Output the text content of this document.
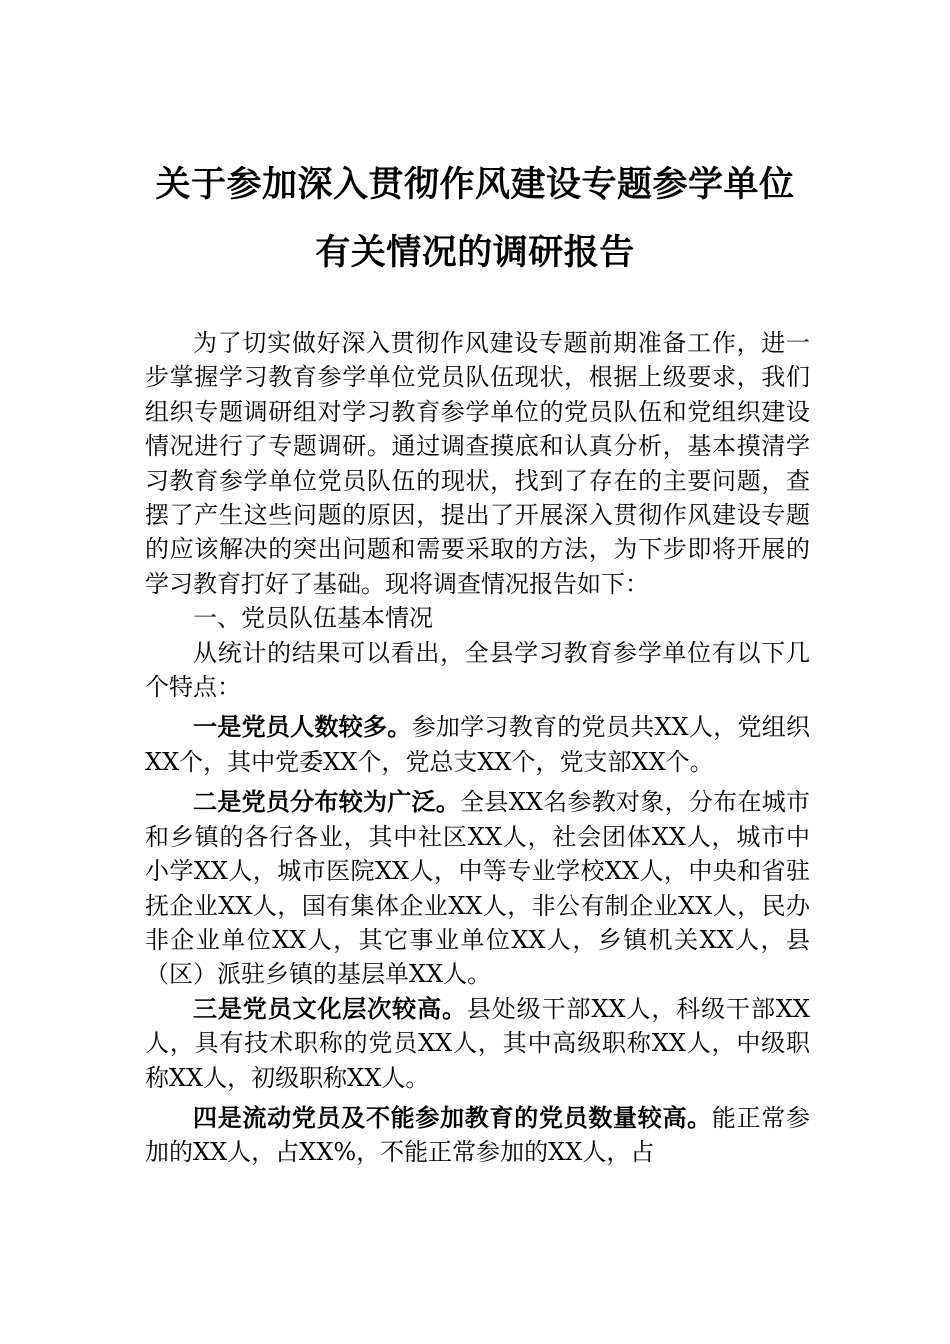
关于参加深入贯彻作风建设专题参学单位
有关情况的调研报告

为了切实做好深入贯彻作风建设专题前期准备工作，进一步掌握学习教育参学单位党员队伍现状，根据上级要求，我们组织专题调研组对学习教育参学单位的党员队伍和党组织建设情况进行了专题调研。通过调查摸底和认真分析，基本摸清学习教育参学单位党员队伍的现状，找到了存在的主要问题，查摆了产生这些问题的原因，提出了开展深入贯彻作风建设专题的应该解决的突出问题和需要采取的方法，为下步即将开展的学习教育打好了基础。现将调查情况报告如下：

一、党员队伍基本情况

从统计的结果可以看出，全县学习教育参学单位有以下几个特点：

一是党员人数较多。参加学习教育的党员共XX人，党组织XX个，其中党委XX个，党总支XX个，党支部XX个。

二是党员分布较为广泛。全县XX名参教对象，分布在城市和乡镇的各行各业，其中社区XX人，社会团体XX人，城市中小学XX人，城市医院XX人，中等专业学校XX人，中央和省驻抚企业XX人，国有集体企业XX人，非公有制企业XX人，民办非企业单位XX人，其它事业单位XX人，乡镇机关XX人，县（区）派驻乡镇的基层单XX人。

三是党员文化层次较高。县处级干部XX人，科级干部XX人，具有技术职称的党员XX人，其中高级职称XX人，中级职称XX人，初级职称XX人。

四是流动党员及不能参加教育的党员数量较高。能正常参加的XX人，占XX%，不能正常参加的XX人，占
